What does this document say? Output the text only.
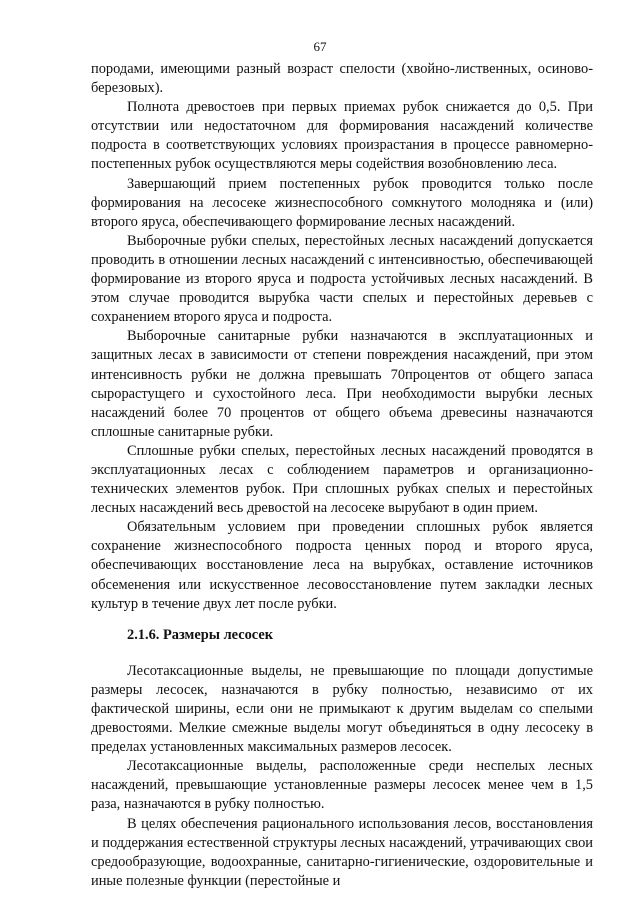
67

породами, имеющими разный возраст спелости (хвойно-лиственных, осиново-березовых).

Полнота древостоев при первых приемах рубок снижается до 0,5. При отсутствии или недостаточном для формирования насаждений количестве подроста в соответствующих условиях произрастания в процессе равномерно-постепенных рубок осуществляются меры содействия возобновлению леса.

Завершающий прием постепенных рубок проводится только после формирования на лесосеке жизнеспособного сомкнутого молодняка и (или) второго яруса, обеспечивающего формирование лесных насаждений.

Выборочные рубки спелых, перестойных лесных насаждений допускается проводить в отношении лесных насаждений с интенсивностью, обеспечивающей формирование из второго яруса и подроста устойчивых лесных насаждений. В этом случае проводится вырубка части спелых и перестойных деревьев с сохранением второго яруса и подроста.

Выборочные санитарные рубки назначаются в эксплуатационных и защитных лесах в зависимости от степени повреждения насаждений, при этом интенсивность рубки не должна превышать 70процентов от общего запаса сырорастущего и сухостойного леса. При необходимости вырубки лесных насаждений более 70 процентов от общего объема древесины назначаются сплошные санитарные рубки.

Сплошные рубки спелых, перестойных лесных насаждений проводятся в эксплуатационных лесах с соблюдением параметров и организационно-технических элементов рубок. При сплошных рубках спелых и перестойных лесных насаждений весь древостой на лесосеке вырубают в один прием.

Обязательным условием при проведении сплошных рубок является сохранение жизнеспособного подроста ценных пород и второго яруса, обеспечивающих восстановление леса на вырубках, оставление источников обсеменения или искусственное лесовосстановление путем закладки лесных культур в течение двух лет после рубки.

2.1.6. Размеры лесосек

Лесотаксационные выделы, не превышающие по площади допустимые размеры лесосек, назначаются в рубку полностью, независимо от их фактической ширины, если они не примыкают к другим выделам со спелыми древостоями. Мелкие смежные выделы могут объединяться в одну лесосеку в пределах установленных максимальных размеров лесосек.

Лесотаксационные выделы, расположенные среди неспелых лесных насаждений, превышающие установленные размеры лесосек менее чем в 1,5 раза, назначаются в рубку полностью.

В целях обеспечения рационального использования лесов, восстановления и поддержания естественной структуры лесных насаждений, утрачивающих свои средообразующие, водоохранные, санитарно-гигиенические, оздоровительные и иные полезные функции (перестойные и
